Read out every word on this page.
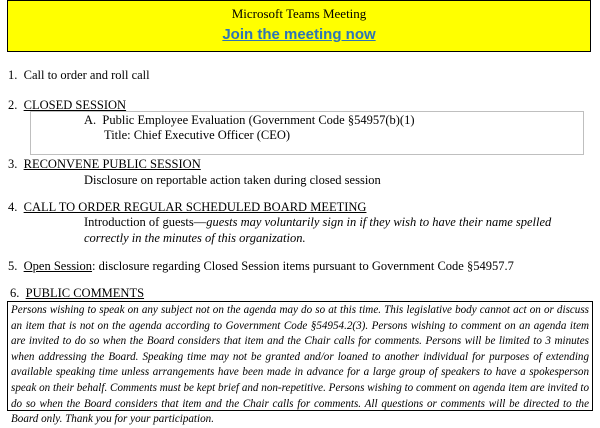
Microsoft Teams Meeting
Join the meeting now
1. Call to order and roll call
2. CLOSED SESSION
A. Public Employee Evaluation (Government Code §54957(b)(1)
Title: Chief Executive Officer (CEO)
3. RECONVENE PUBLIC SESSION
Disclosure on reportable action taken during closed session
4. CALL TO ORDER REGULAR SCHEDULED BOARD MEETING
Introduction of guests—guests may voluntarily sign in if they wish to have their name spelled correctly in the minutes of this organization.
5. Open Session: disclosure regarding Closed Session items pursuant to Government Code §54957.7
6. PUBLIC COMMENTS
Persons wishing to speak on any subject not on the agenda may do so at this time. This legislative body cannot act on or discuss an item that is not on the agenda according to Government Code §54954.2(3). Persons wishing to comment on an agenda item are invited to do so when the Board considers that item and the Chair calls for comments. Persons will be limited to 3 minutes when addressing the Board. Speaking time may not be granted and/or loaned to another individual for purposes of extending available speaking time unless arrangements have been made in advance for a large group of speakers to have a spokesperson speak on their behalf. Comments must be kept brief and non-repetitive. Persons wishing to comment on agenda item are invited to do so when the Board considers that item and the Chair calls for comments. All questions or comments will be directed to the Board only. Thank you for your participation.
